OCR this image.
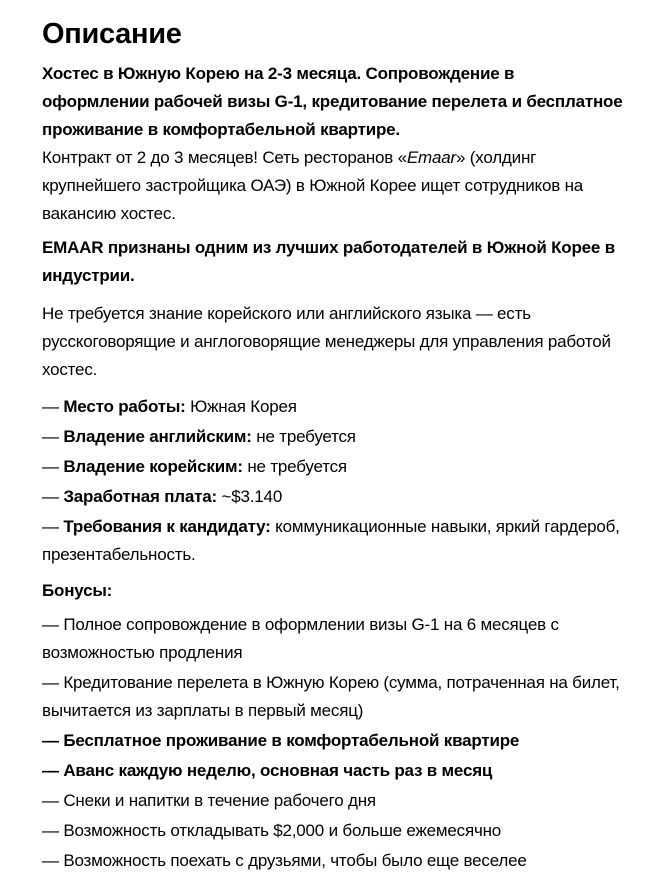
Описание

Хостес в Южную Корею на 2-3 месяца. Сопровождение в оформлении рабочей визы G-1, кредитование перелета и бесплатное проживание в комфортабельной квартире.

Контракт от 2 до 3 месяцев! Сеть ресторанов «Emaar» (холдинг крупнейшего застройщика ОАЭ) в Южной Корее ищет сотрудников на вакансию хостес.

EMAAR признаны одним из лучших работодателей в Южной Корее в индустрии.

Не требуется знание корейского или английского языка — есть русскоговорящие и англоговорящие менеджеры для управления работой хостес.

— Место работы: Южная Корея

— Владение английским: не требуется

— Владение корейским: не требуется

— Заработная плата: ~$3.140

— Требования к кандидату: коммуникационные навыки, яркий гардероб, презентабельность.

Бонусы:

— Полное сопровождение в оформлении визы G-1 на 6 месяцев с возможностью продления

— Кредитование перелета в Южную Корею (сумма, потраченная на билет, вычитается из зарплаты в первый месяц)

— Бесплатное проживание в комфортабельной квартире

— Аванс каждую неделю, основная часть раз в месяц

— Снеки и напитки в течение рабочего дня

— Возможность откладывать $2,000 и больше ежемесячно

— Возможность поехать с друзьями, чтобы было еще веселее
